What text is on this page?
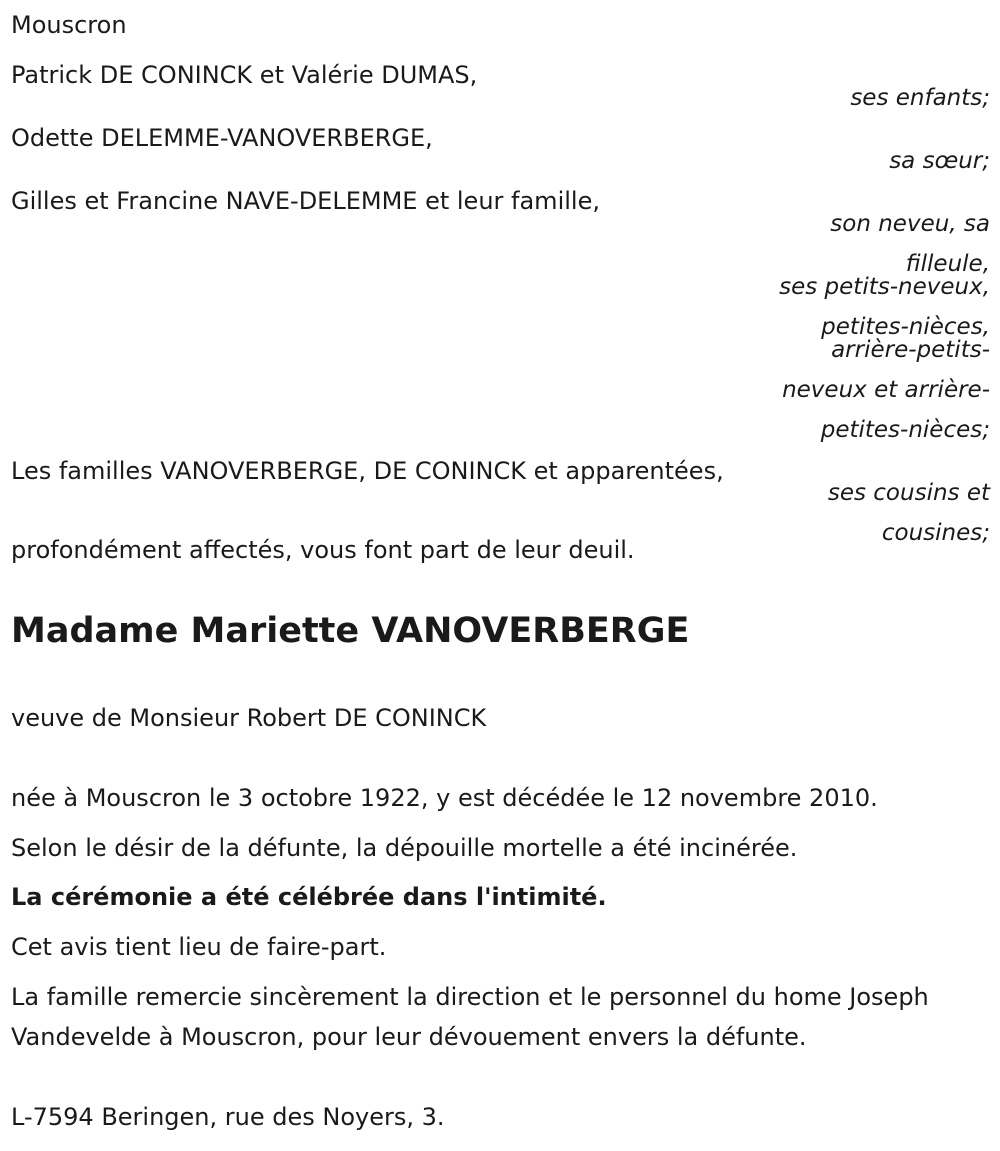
Mouscron

Patrick DE CONINCK et Valérie DUMAS,

ses enfants;

Odette DELEMME-VANOVERBERGE,

sa sœur;

Gilles et Francine NAVE-DELEMME et leur famille,

son neveu, sa

filleule,

ses petits-neveux,

petites-nièces,

arrière-petits-

neveux et arrière-

petites-nièces;

Les familles VANOVERBERGE, DE CONINCK et apparentées,

ses cousins et

cousines;

profondément affectés, vous font part de leur deuil.

Madame Mariette VANOVERBERGE

veuve de Monsieur Robert DE CONINCK

née à Mouscron le 3 octobre 1922, y est décédée le 12 novembre 2010.

Selon le désir de la défunte, la dépouille mortelle a été incinérée.

La cérémonie a été célébrée dans l'intimité.

Cet avis tient lieu de faire-part.

La famille remercie sincèrement la direction et le personnel du home Joseph Vandevelde à Mouscron, pour leur dévouement envers la défunte.

L-7594 Beringen, rue des Noyers, 3.
